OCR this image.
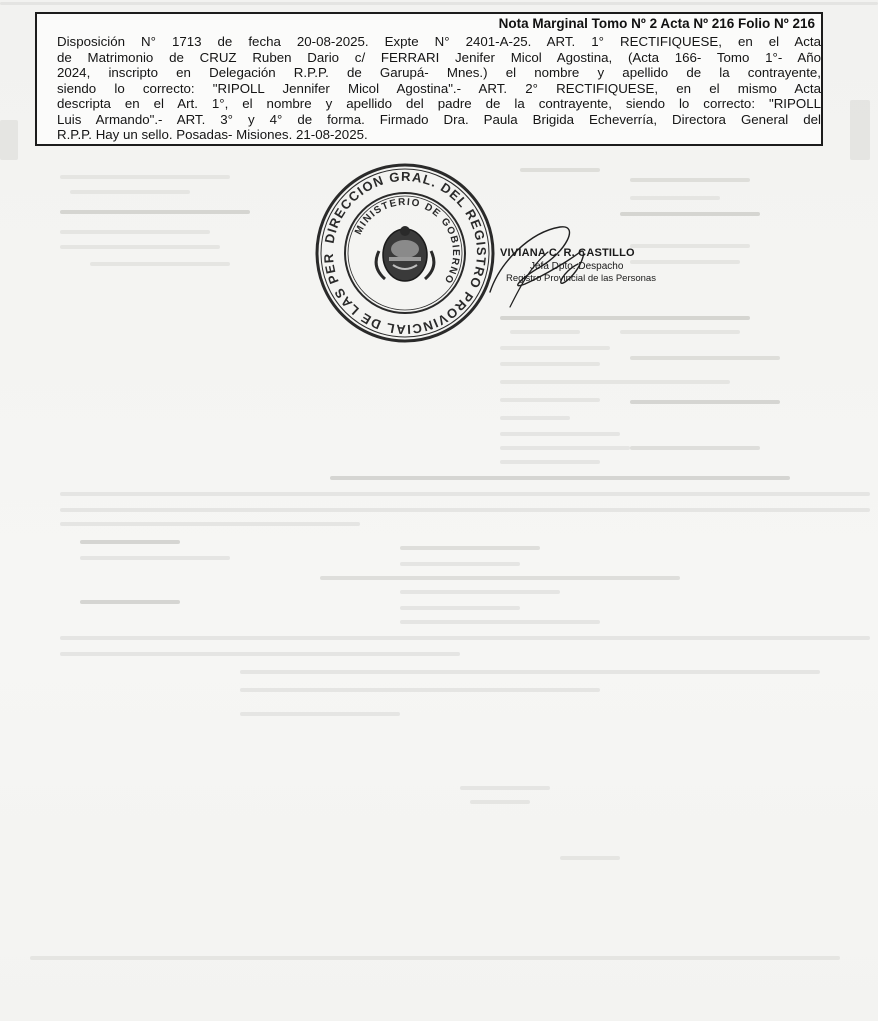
Nota Marginal Tomo Nº 2 Acta Nº 216 Folio Nº 216
Disposición N° 1713 de fecha 20-08-2025. Expte N° 2401-A-25. ART. 1° RECTIFIQUESE, en el Acta
de Matrimonio de CRUZ Ruben Dario c/ FERRARI Jenifer Micol Agostina, (Acta 166- Tomo 1°- Año
2024, inscripto en Delegación R.P.P. de Garupá- Mnes.) el nombre y apellido de la contrayente,
siendo lo correcto: "RIPOLL Jennifer Micol Agostina".- ART. 2° RECTIFIQUESE, en el mismo Acta
descripta en el Art. 1°, el nombre y apellido del padre de la contrayente, siendo lo correcto: "RIPOLL
Luis Armando".- ART. 3° y 4° de forma. Firmado Dra. Paula Brigida Echeverría, Directora General del
R.P.P. Hay un sello. Posadas- Misiones. 21-08-2025.
DIRECCION GRAL. DEL REGISTRO PROVINCIAL DE LAS PER
MINISTERIO DE GOBIERNO
VIVIANA C. R. CASTILLO
Jefa Dpto. Despacho
Registro Provincial de las Personas
